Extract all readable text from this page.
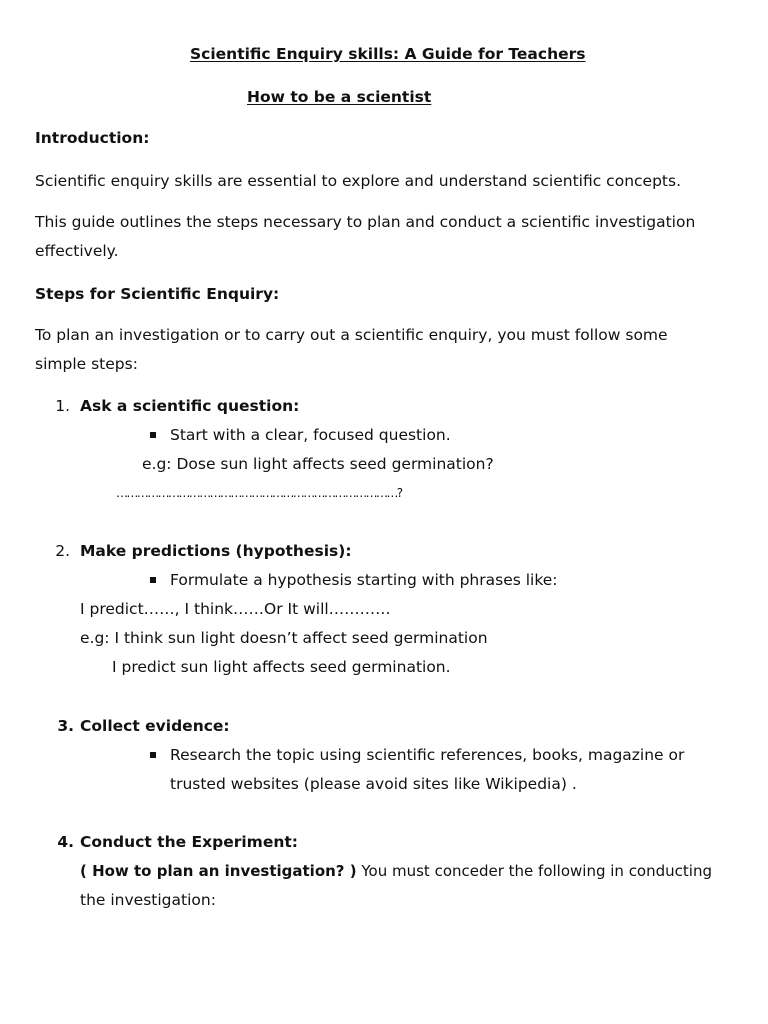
Scientific Enquiry skills: A Guide for Teachers
How to be a scientist
Introduction:
Scientific enquiry skills are essential to explore and understand scientific concepts.
This guide outlines the steps necessary to plan and conduct a scientific investigation
effectively.
Steps for Scientific Enquiry:
To plan an investigation or to carry out a scientific enquiry, you must follow some
simple steps:
1. Ask a scientific question:
Start with a clear, focused question.
e.g: Dose sun light affects seed germination?
………………………………………………………………………?
2. Make predictions (hypothesis):
Formulate a hypothesis starting with phrases like:
I predict……, I think……Or It will…………
e.g: I think sun light doesn’t affect seed germination
I predict sun light affects seed germination.
3. Collect evidence:
Research the topic using scientific references, books, magazine or
trusted websites (please avoid sites like Wikipedia) .
4. Conduct the Experiment:
( How to plan an investigation? ) You must conceder the following in conducting
the investigation:
